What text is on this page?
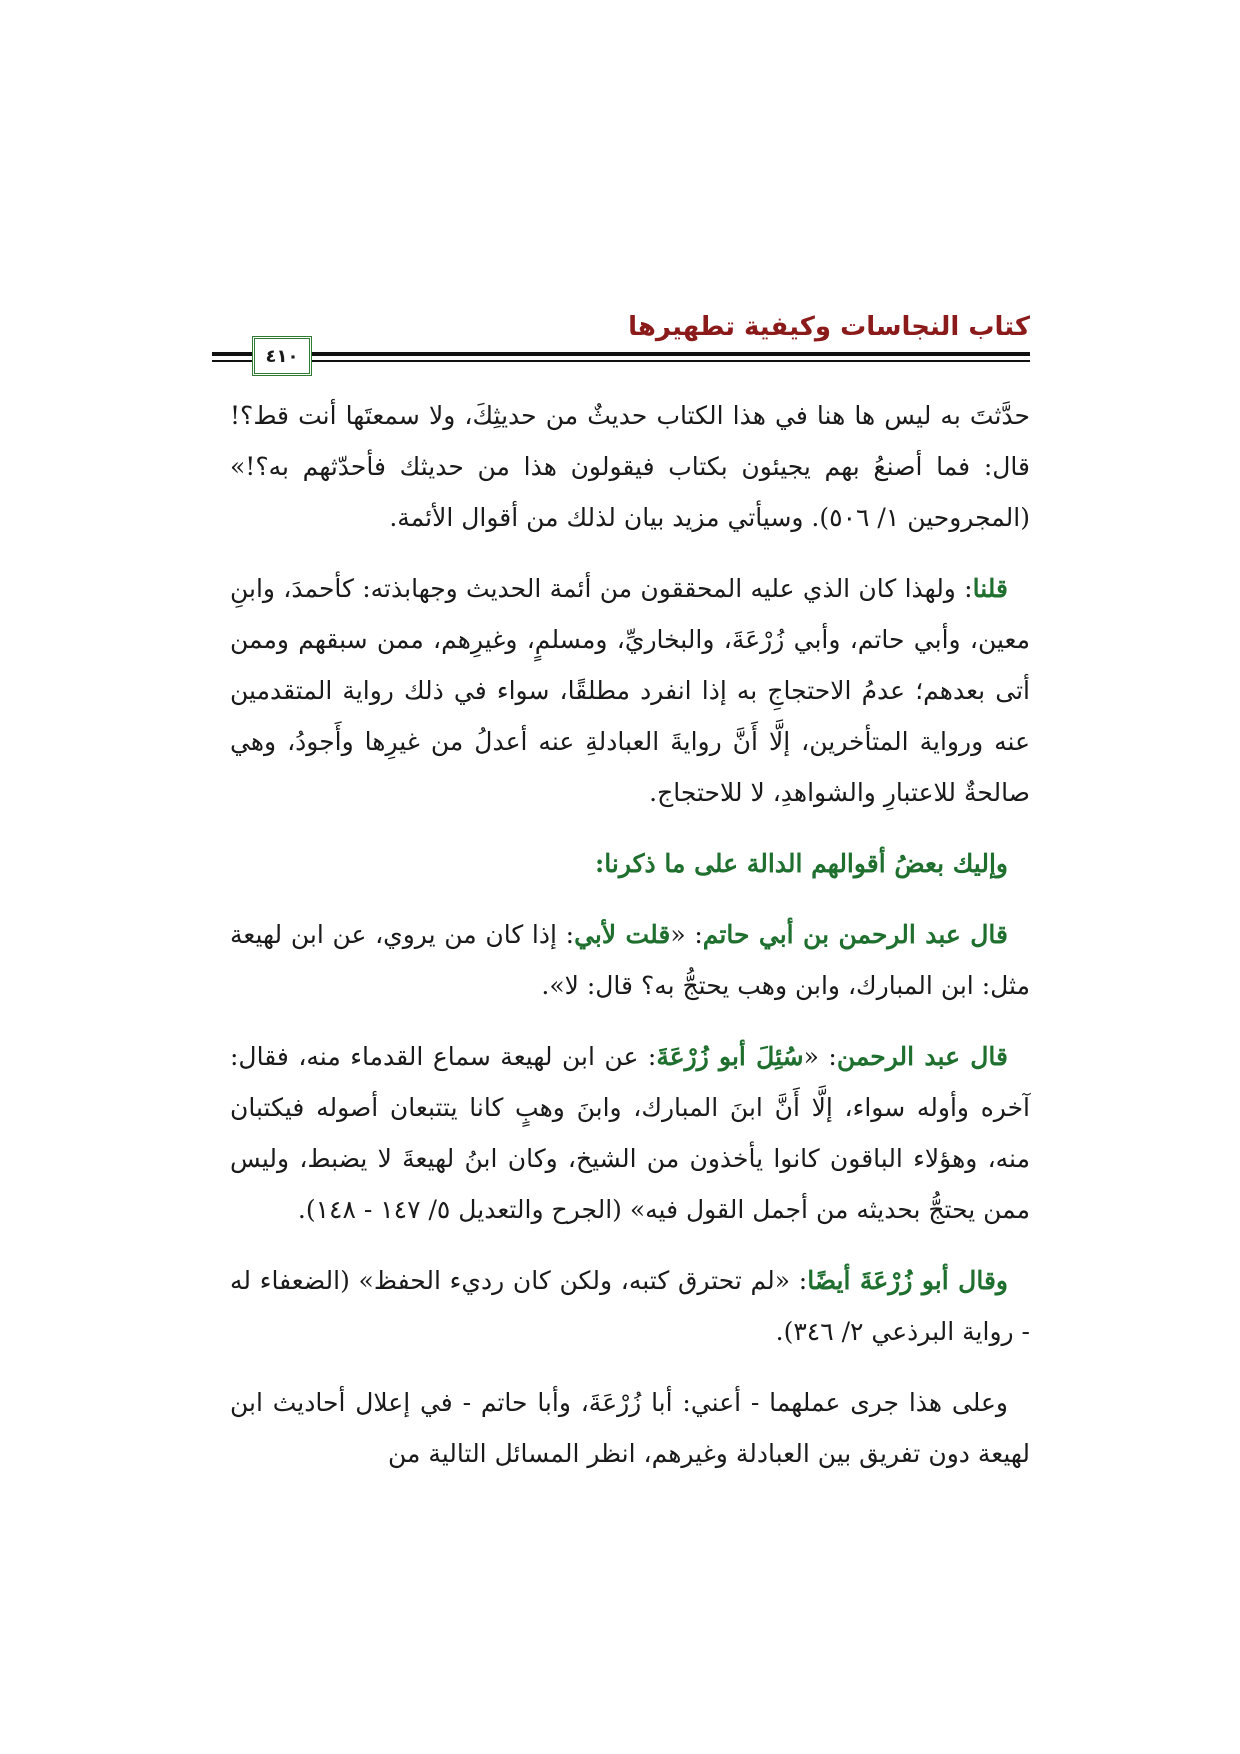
كتاب النجاسات وكيفية تطهيرها
٤١٠

حدَّثتَ به ليس ها هنا في هذا الكتاب حديثٌ من حديثِكَ، ولا سمعتَها أنت قط؟! قال: فما أصنعُ بهم يجيئون بكتاب فيقولون هذا من حديثك فأحدّثهم به؟!» (المجروحين ١/ ٥٠٦). وسيأتي مزيد بيان لذلك من أقوال الأئمة.

قلنا: ولهذا كان الذي عليه المحققون من أئمة الحديث وجهابذته: كأحمدَ، وابنِ معين، وأبي حاتم، وأبي زُرْعَةَ، والبخاريِّ، ومسلمٍ، وغيرِهم، ممن سبقهم وممن أتى بعدهم؛ عدمُ الاحتجاجِ به إذا انفرد مطلقًا، سواء في ذلك رواية المتقدمين عنه ورواية المتأخرين، إلَّا أَنَّ روايةَ العبادلةِ عنه أعدلُ من غيرِها وأَجودُ، وهي صالحةٌ للاعتبارِ والشواهدِ، لا للاحتجاج.

وإليك بعضُ أقوالهم الدالة على ما ذكرنا:

قال عبد الرحمن بن أبي حاتم: «قلت لأبي: إذا كان من يروي، عن ابن لهيعة مثل: ابن المبارك، وابن وهب يحتجُّ به؟ قال: لا».

قال عبد الرحمن: «سُئِلَ أبو زُرْعَةَ: عن ابن لهيعة سماع القدماء منه، فقال: آخره وأوله سواء، إلَّا أَنَّ ابنَ المبارك، وابنَ وهبٍ كانا يتتبعان أصوله فيكتبان منه، وهؤلاء الباقون كانوا يأخذون من الشيخ، وكان ابنُ لهيعةَ لا يضبط، وليس ممن يحتجُّ بحديثه من أجمل القول فيه» (الجرح والتعديل ٥/ ١٤٧ - ١٤٨).

وقال أبو زُرْعَةَ أيضًا: «لم تحترق كتبه، ولكن كان رديء الحفظ» (الضعفاء له - رواية البرذعي ٢/ ٣٤٦).

وعلى هذا جرى عملهما - أعني: أبا زُرْعَةَ، وأبا حاتم - في إعلال أحاديث ابن لهيعة دون تفريق بين العبادلة وغيرهم، انظر المسائل التالية من
